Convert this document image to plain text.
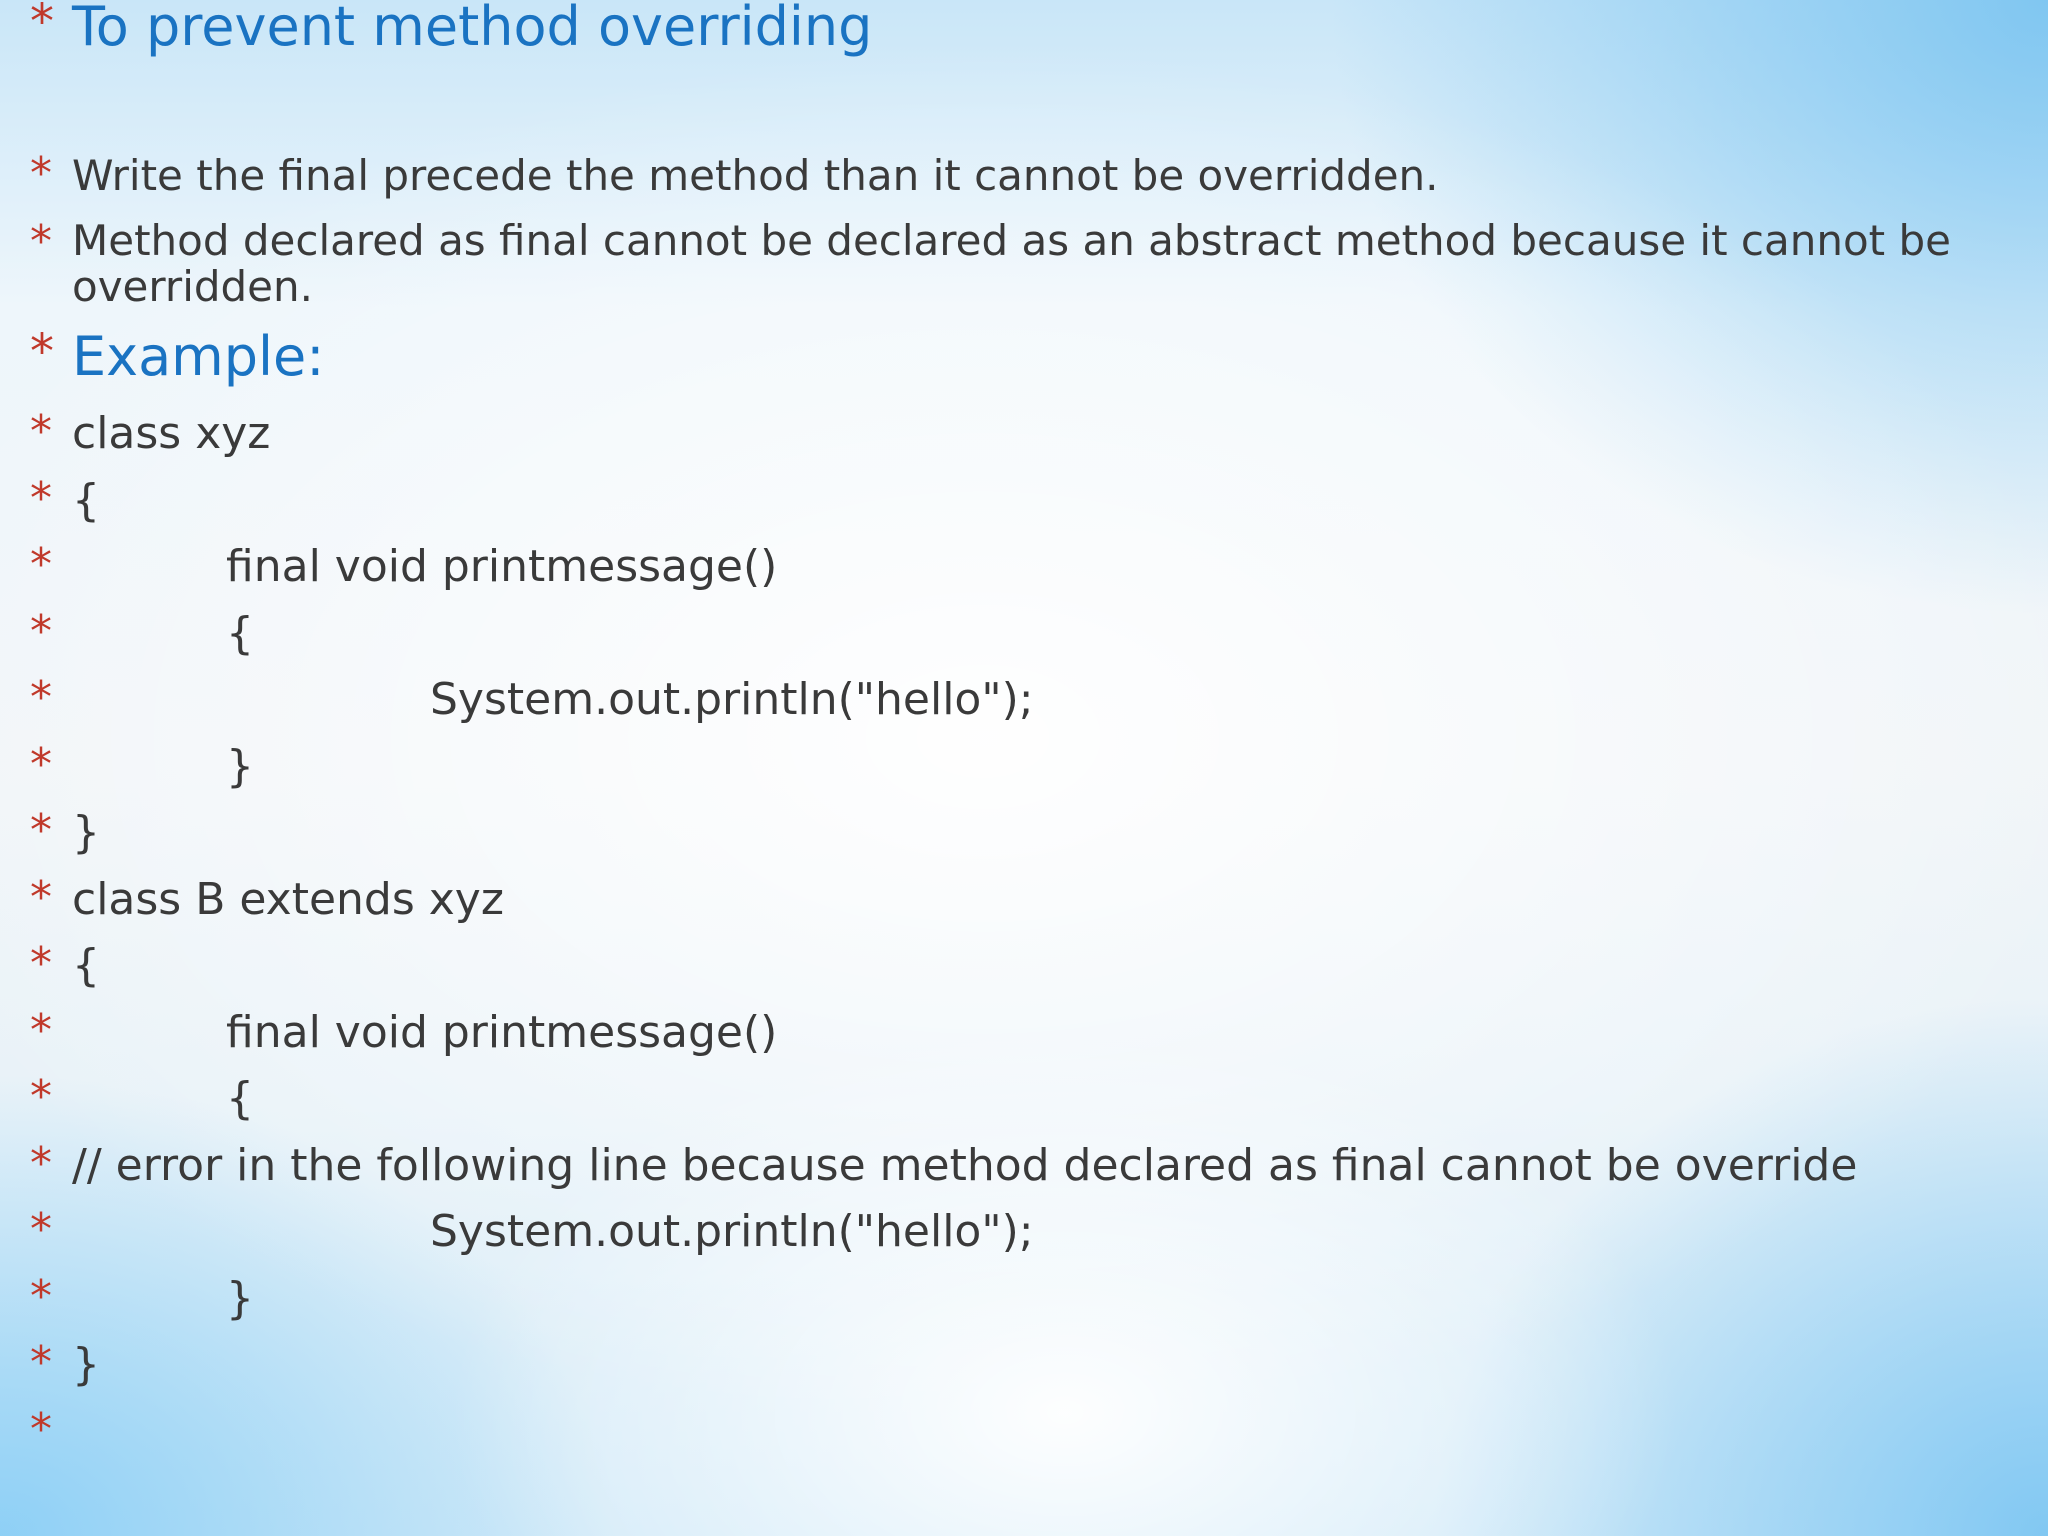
* To prevent method overriding
* Write the final precede the method than it cannot be overridden.
* Method declared as final cannot be declared as an abstract method because it cannot be overridden.
* Example:
* class xyz
* {
*	final void printmessage()
*	{
*	System.out.println("hello");
*	}
* }
* class B extends xyz
* {
*	final void printmessage()
*	{
* // error in the following line because method declared as final cannot be override
*	System.out.println("hello");
*	}
* }
*
